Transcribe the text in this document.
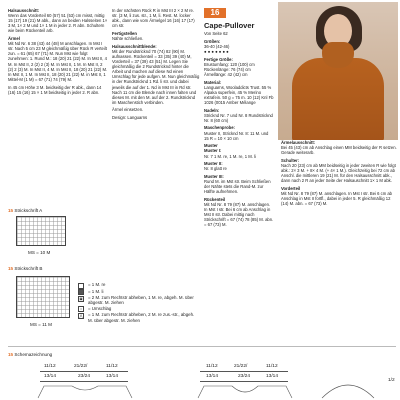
Halsausschnitt:
Wenn das Vorderteil 60 (57) 51 (53) cm misst, mittig 15 (17) 19 (21) M abk., dann an beiden Halsseiten 1× 3 M, 1× 2 M und 1× 1 M in jeder 2. R abn. Schultern wie beim Rückenteil arb.

Ärmel
Mit Nd Nr. 6 38 (43) 44 (48) M anschlagen. In Mst I str. Nach 5 cm 23 M gleichmäßig über Rück R verteilt zun. = 61 (65) 67 (71) M. Nun Mst wie folgt zunehmen: 1. Rund M.: 18 (20) 21 (22) M. In Mst II, 4 M. In Mst II, 2 (2) 2 (3) M. In Mst II, 1 M. In Mst II, 2 (2) 2 (3) M. In Mst II, 4 M. In Mst II, 18 (20) 21 (22) M. In Mst II, 1 M. In Mst II, 18 (20) 21 (22) M. in Mst II, 1 Mittel-M (1 M) = 67 (71) 74 (79) M.

In 45 cm Höhe 3 M. beidseitig der R abk., dann 14 (16) 15 (16) 15 × 1 M beidseitig in jeder 2. R abn.

In der nächsten Rück R in Mst III 2 × 2 M re. str. (3 M, li zus. str., 1 M, li. Rest. M. locker abk., dann wie vom Ärmelgel 16 (16) 17 (17) cm str.

Fertigstellen
Nähte schließen.

Halsausschnittblende:
Mit der Rundstricknd 70 (74) 82 (90) M. aufnassen. Rückenteil = 33 (35) 39 (40) M, Vorderteil = 37 (39) 43 (51) M. Legen Sie gleichmäßig die 2 Rundstricknd hinter die Arbeit und machen auf diese Nd einen Umschlag für jede aufgen. M. Nun gleichmäßig in der Rundstricknd 1 Rd. li str. und dabei jeweils die auf der 1. Nd in Mst III in Rd str. Nach 11 cm die Blende nach innen falten und dieses M. mit den M. auf der 2. Rundstricknd im Maschenstich verbinden.

Ärmel einsetzen.

Design: Languarns

16
Cape-Pullover

Von Seite 62

Größen:
36-40 (42-46)
● ● ● ● ● ● ●

Fertige Größe:
Brustumfang: 120 (100) cm Rückenlänge: 76 (74) cm Ärmellänge: 42 (42) cm

Material:
Languarns, Wooladdicts Trust. 55 % Alpaka superfein, 45 % Merino extrafein. 50 g = 75 m. 10 (12) Knl Fb 1026 (0015 Amber Mélange

Nadeln:
Stricknd Nr. 7 und Nr. 8 Rundstricknd Nr. 8 (60 cm)

Maschenprobe:
Muster II, Stricknd Nr. 8: 11 M. und 15 R = 10 × 10 cm

Muster
Muster I:
Nr. 7 1 M. re, 1 M. re, 1 M. li

Muster II:
Nr. 8 glatt re

Muster III:
Rund M. im Mst str. Beim Schließen der Nähte stets die Rand-M. zur Hälfte aufnehmen.

Rückenteil
Mit Nd Nr. 8 79 (87) M. anschlagen. In Mst I str. Bei 6 cm ab Anschlag in Mst II str. Dabei mittig nach Strickschrift = 67 (74) 78 (85) M. abn. = 67 (73) M.

Ärmelausschnitt:
Bei 45 (43) cm ab Anschlag einen MM beidseitig der R setzen. Gerade weiterarb.

Schulter:
Nach 20 (23) cm ab MM beidseitig in jeder zweiten R wie folgt abk.: 2× 3 M. + 8× 4 M. (+ 4× 1 M.). Gleichzeitig bei 72 cm ab Anschl. die mittleren 19 (21) M. für den Halsausschnitt abk., dann nach 2 R an jeder Seite der Halsauschnitt 1× 1 M abk.

Vorderteil
Mit Nd Nr. 8 79 (87) M. anschlagen. In Mst I str. Bei 6 cm ab Anschlag in Mst II fortfl., dabei in jeder 5. R gleichmäßig 12 (14) M. abn. = 67 (73) M.

15 Strickschrift A
MS = 10 M
15 Strickschrift B
MS = 11 M
= 1 M. re
= 1 M. li
▣	= 2 M. zum Rechtstr abheben, 1 M. re, abgeh. M. über abgestr. M. ziehen
○	= Umschlag
⋀	= 1 M. zum Rechtstr abheben, 2 M. re zus.-str., abgeh. M. über abgestr. M. ziehen
15 Schemazeichnung
11/12	21/22/	11/12
13/14	23/24	13/14
11/12	21/22/	11/12
13/14	23/24	13/14
1/2
